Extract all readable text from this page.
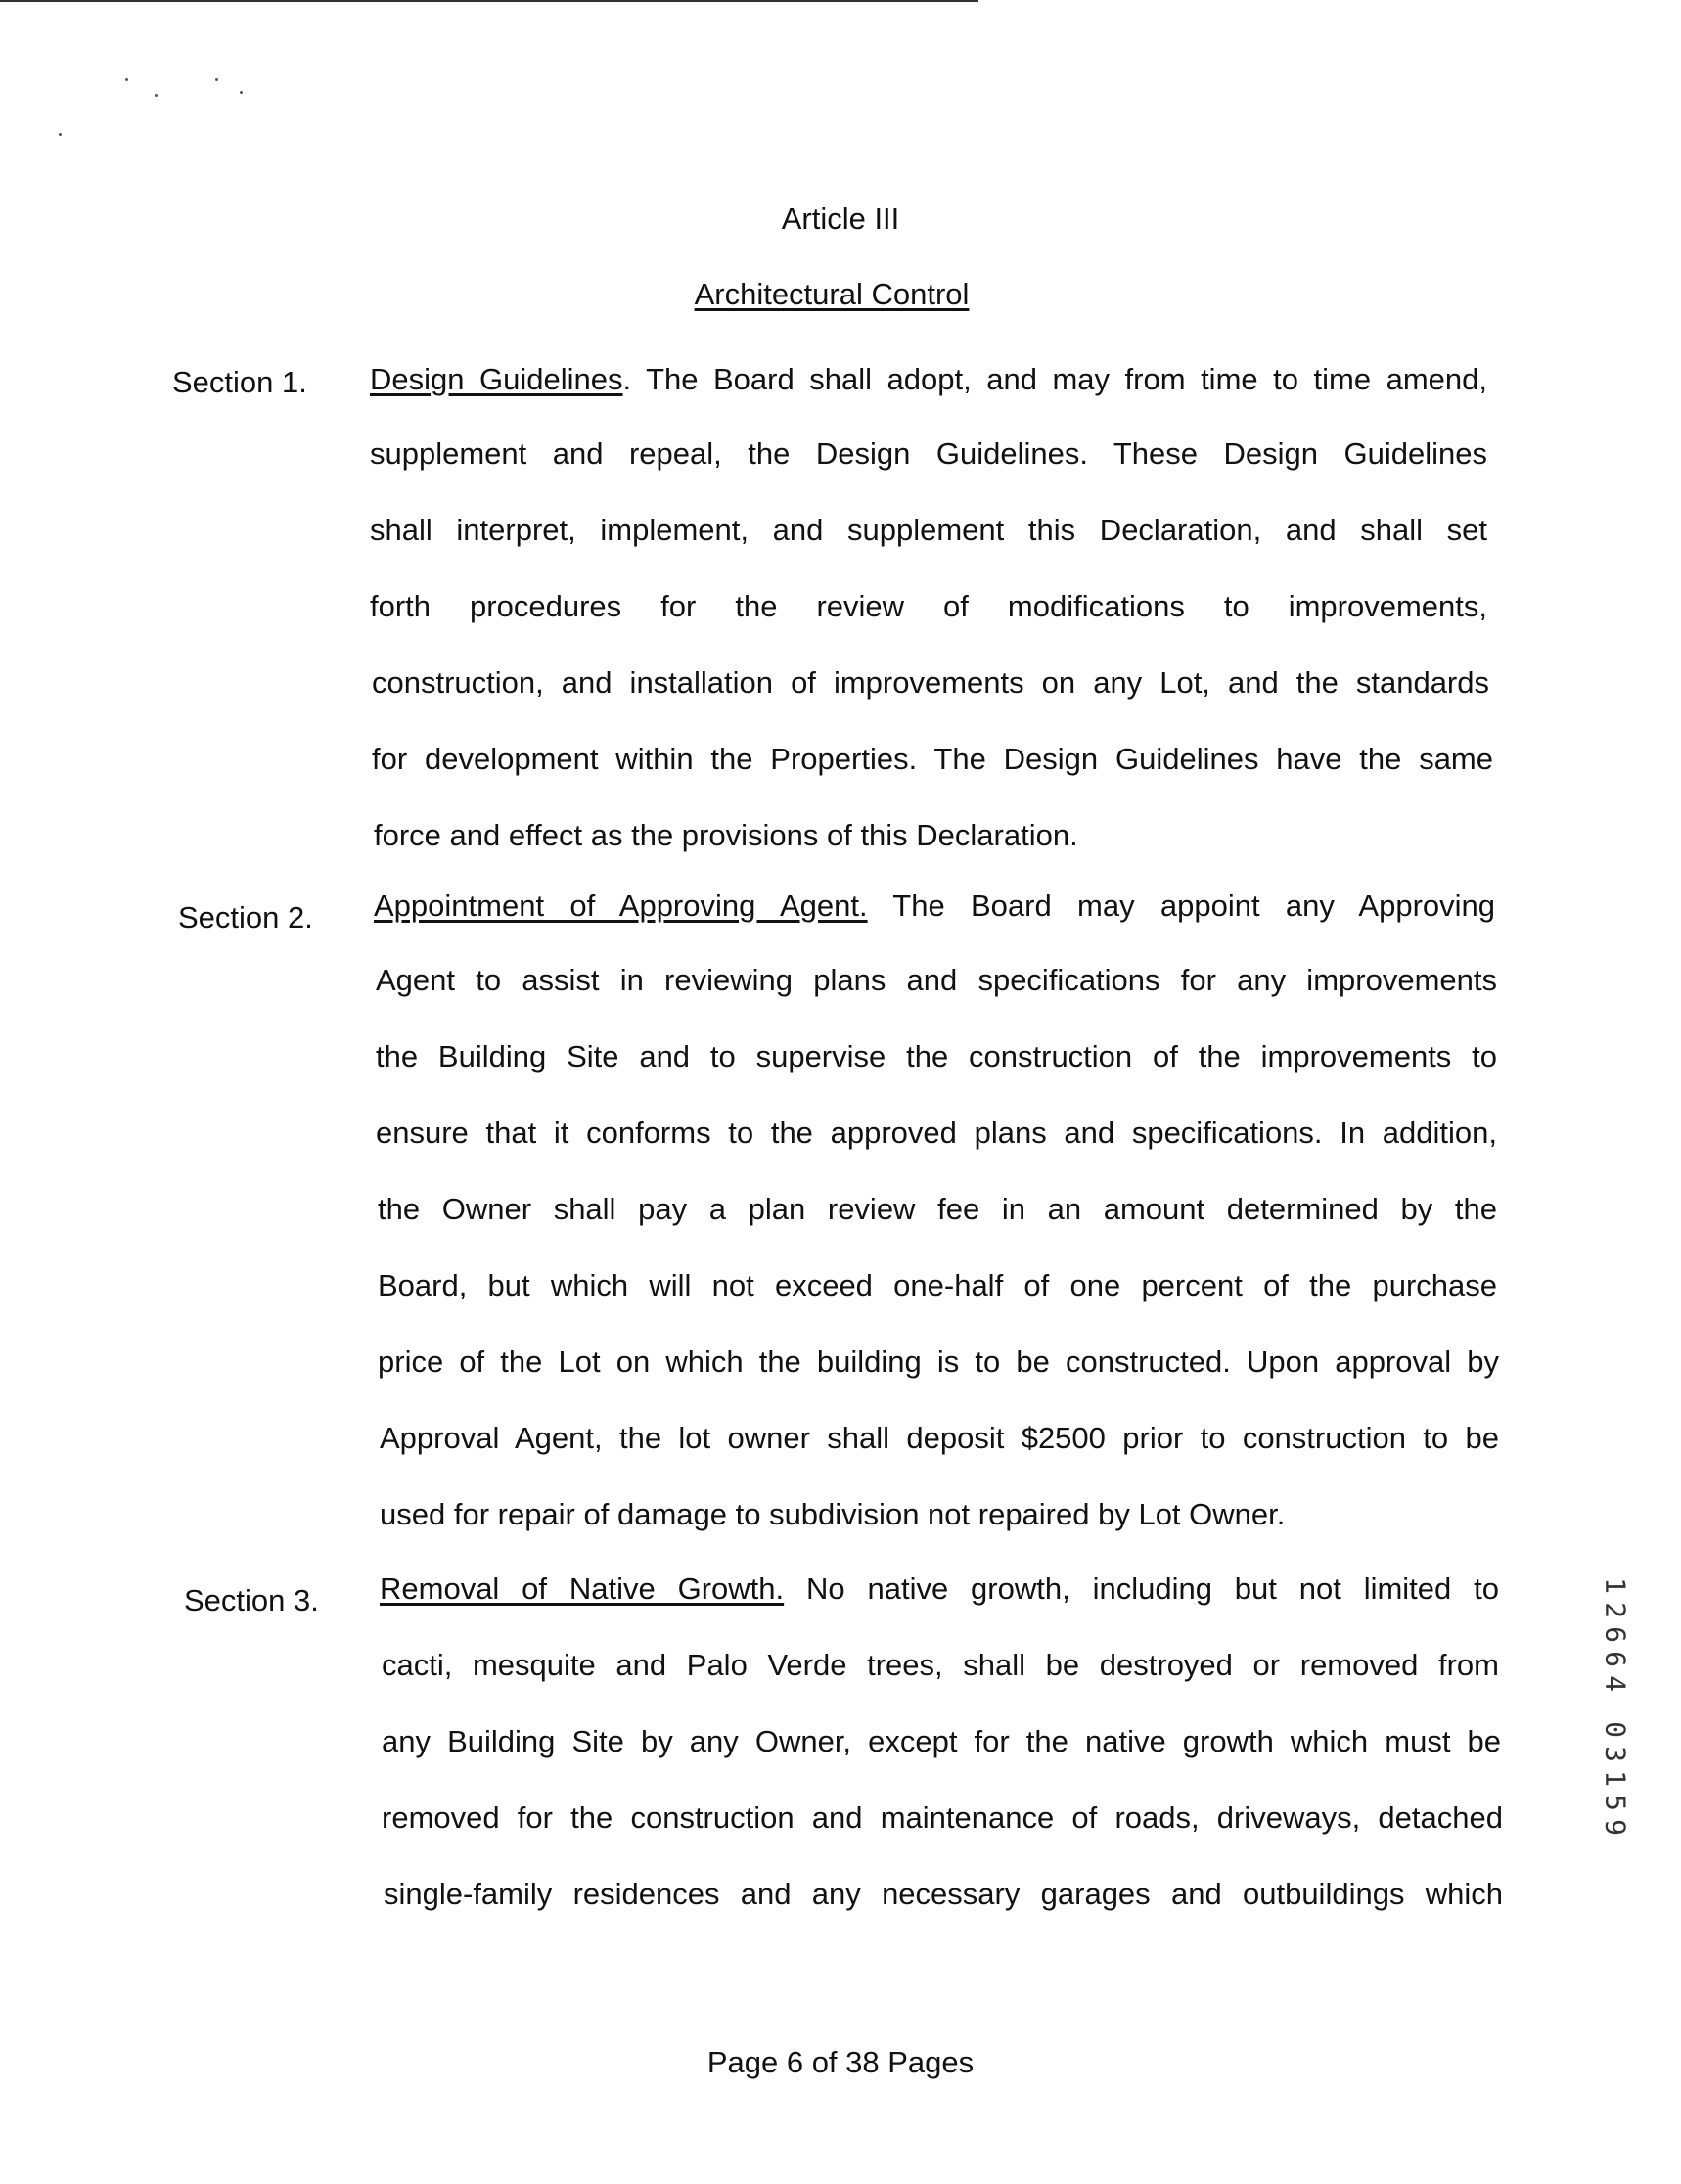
Article III
Architectural Control
Section 1. Design Guidelines. The Board shall adopt, and may from time to time amend,
supplement and repeal, the Design Guidelines. These Design Guidelines
shall interpret, implement, and supplement this Declaration, and shall set
forth procedures for the review of modifications to improvements,
construction, and installation of improvements on any Lot, and the standards
for development within the Properties. The Design Guidelines have the same
force and effect as the provisions of this Declaration.
Section 2. Appointment of Approving Agent. The Board may appoint any Approving
Agent to assist in reviewing plans and specifications for any improvements
the Building Site and to supervise the construction of the improvements to
ensure that it conforms to the approved plans and specifications. In addition,
the Owner shall pay a plan review fee in an amount determined by the
Board, but which will not exceed one-half of one percent of the purchase
price of the Lot on which the building is to be constructed. Upon approval by
Approval Agent, the lot owner shall deposit $2500 prior to construction to be
used for repair of damage to subdivision not repaired by Lot Owner.
Section 3. Removal of Native Growth. No native growth, including but not limited to
cacti, mesquite and Palo Verde trees, shall be destroyed or removed from
any Building Site by any Owner, except for the native growth which must be
removed for the construction and maintenance of roads, driveways, detached
single-family residences and any necessary garages and outbuildings which
Page 6 of 38 Pages
1
2
6
6
4
0
3
1
5
9
